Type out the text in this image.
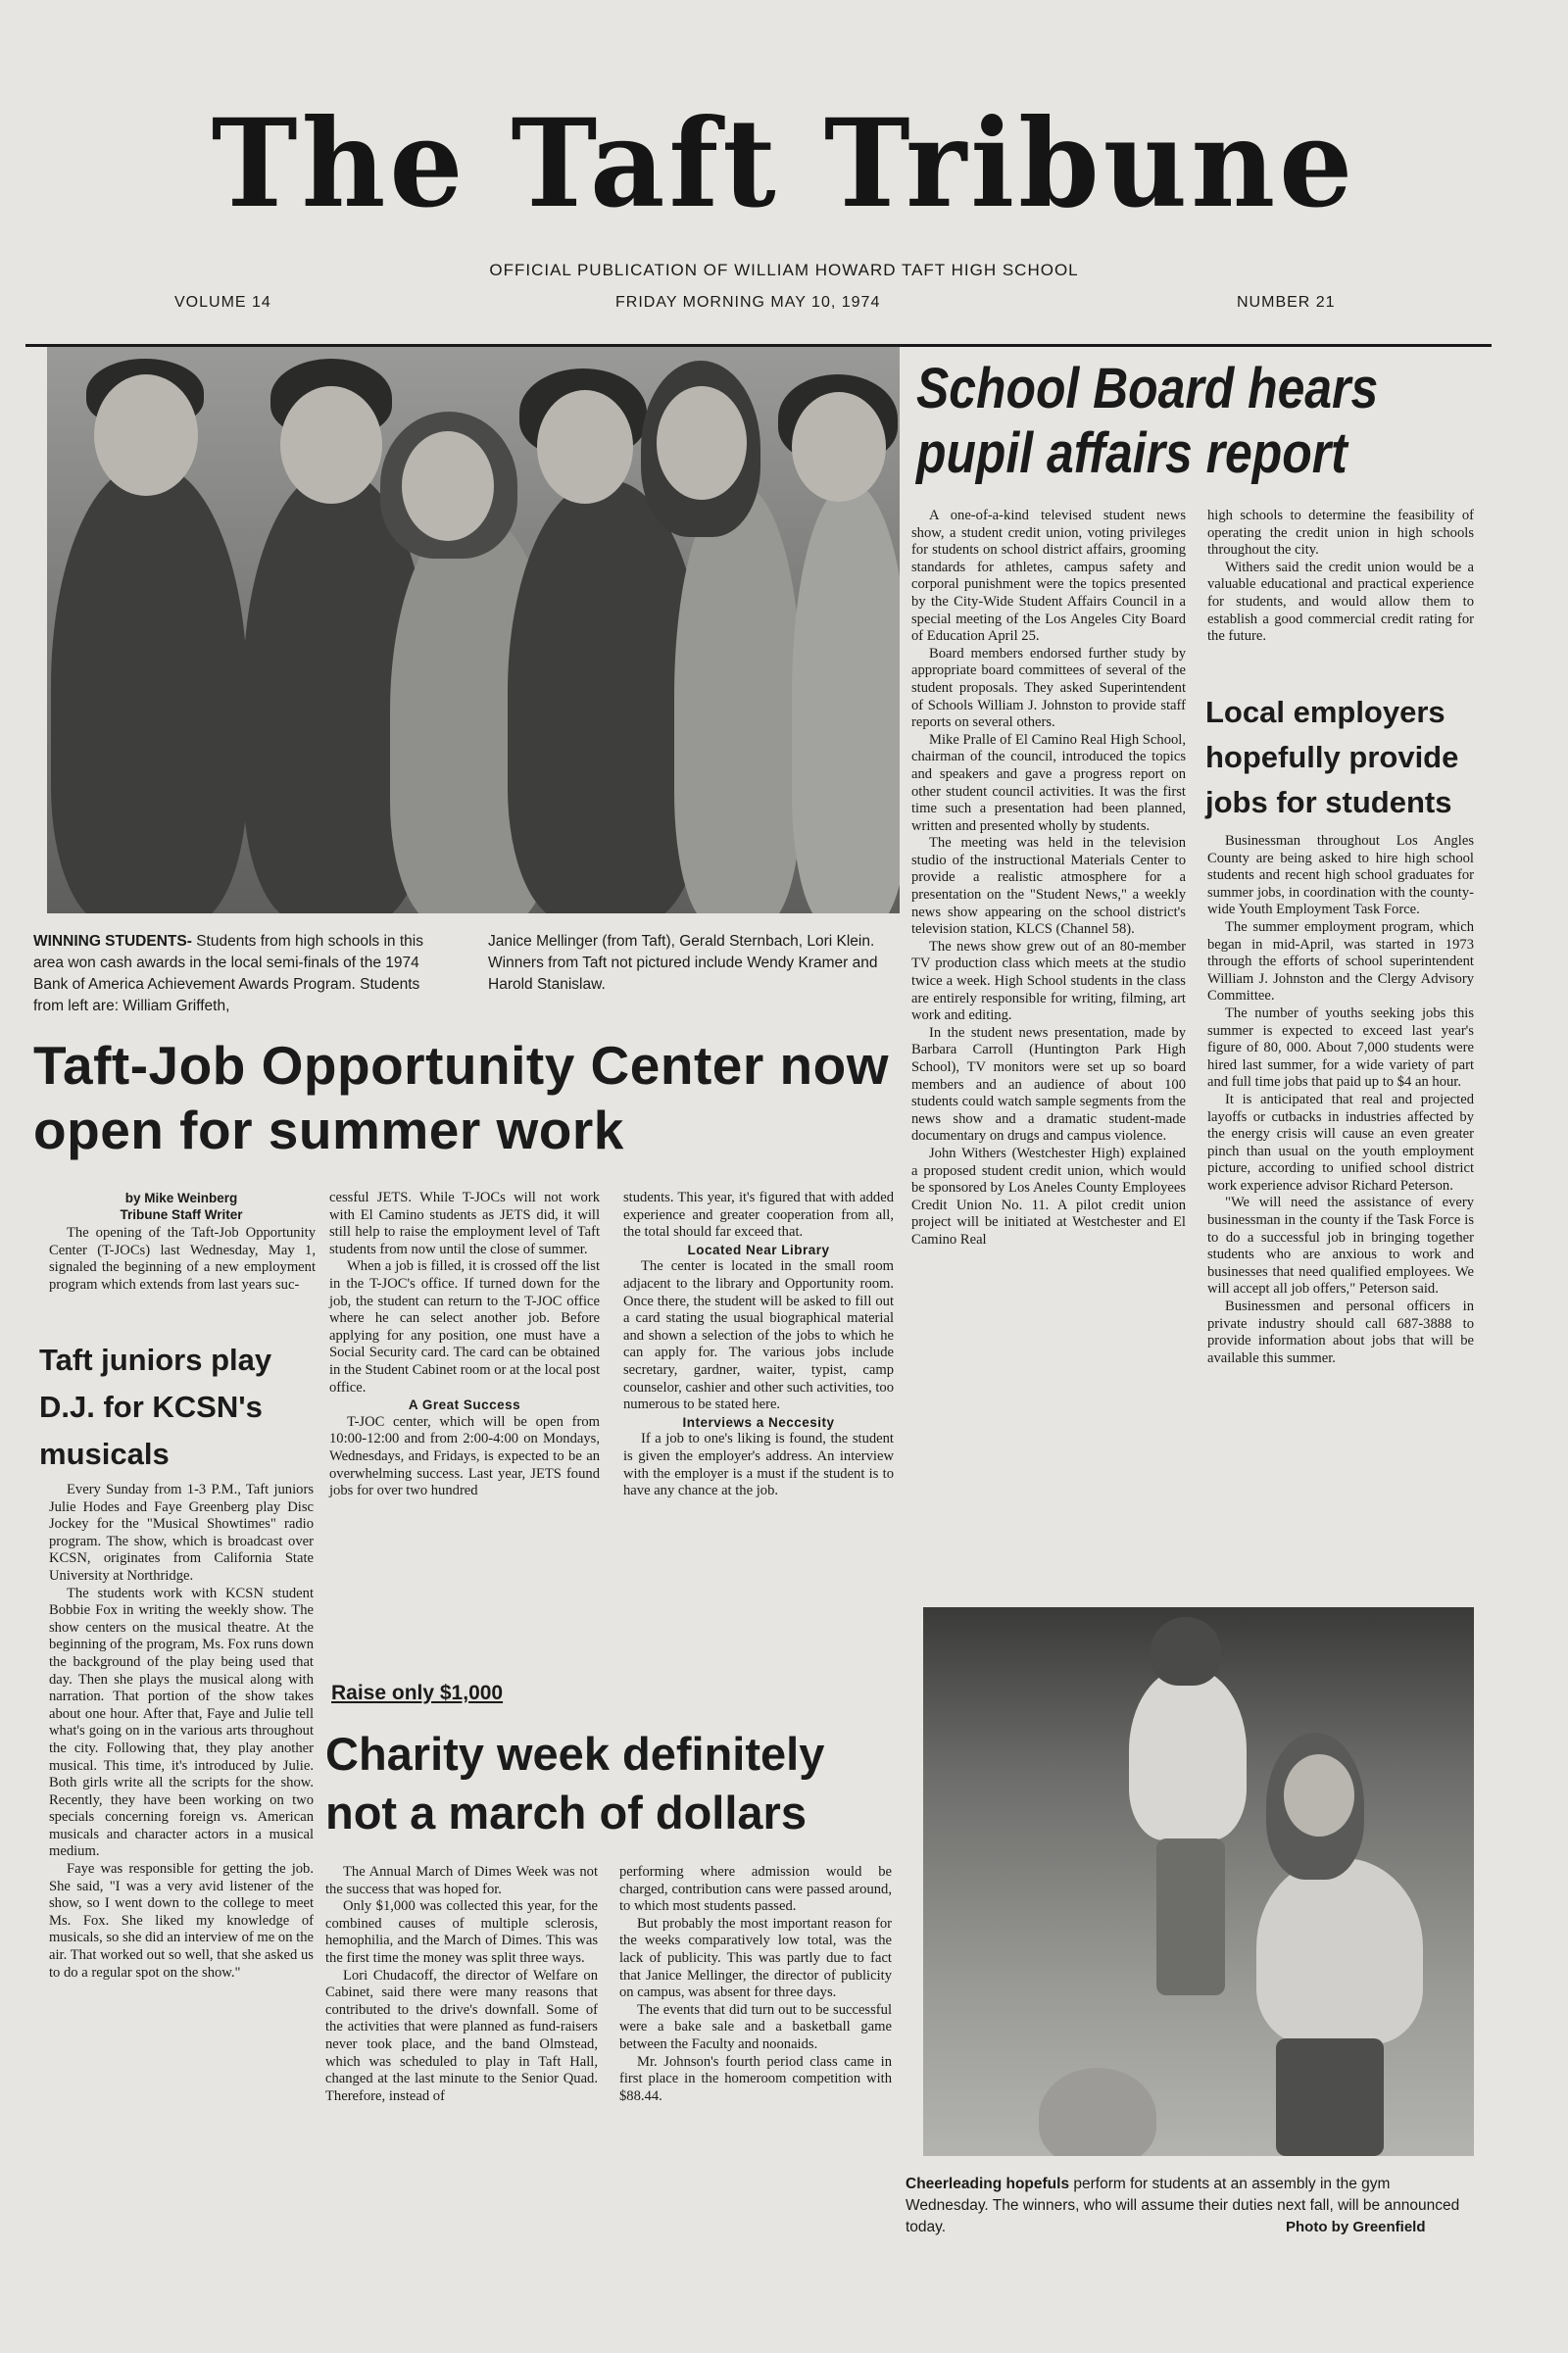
The Taft Tribune
OFFICIAL PUBLICATION OF WILLIAM HOWARD TAFT HIGH SCHOOL
VOLUME 14	FRIDAY MORNING MAY 10, 1974	NUMBER 21
WINNING STUDENTS- Students from high schools in this area won cash awards in the local semi-finals of the 1974 Bank of America Achievement Awards Program. Students from left are: William Griffeth,
Janice Mellinger (from Taft), Gerald Sternbach, Lori Klein. Winners from Taft not pictured include Wendy Kramer and Harold Stanislaw.
School Board hears pupil affairs report

A one-of-a-kind televised student news show, a student credit union, voting privileges for students on school district affairs, grooming standards for athletes, campus safety and corporal punishment were the topics presented by the City-Wide Student Affairs Council in a special meeting of the Los Angeles City Board of Education April 25.

Board members endorsed further study by appropriate board committees of several of the student proposals. They asked Superintendent of Schools William J. Johnston to provide staff reports on several others.

Mike Pralle of El Camino Real High School, chairman of the council, introduced the topics and speakers and gave a progress report on other student council activities. It was the first time such a presentation had been planned, written and presented wholly by students.

The meeting was held in the television studio of the instructional Materials Center to provide a realistic atmosphere for a presentation on the "Student News," a weekly news show appearing on the school district's television station, KLCS (Channel 58).

The news show grew out of an 80-member TV production class which meets at the studio twice a week. High School students in the class are entirely responsible for writing, filming, art work and editing.

In the student news presentation, made by Barbara Carroll (Huntington Park High School), TV monitors were set up so board members and an audience of about 100 students could watch sample segments from the news show and a dramatic student-made documentary on drugs and campus violence.

John Withers (Westchester High) explained a proposed student credit union, which would be sponsored by Los Aneles County Employees Credit Union No. 11. A pilot credit union project will be initiated at Westchester and El Camino Real

high schools to determine the feasibility of operating the credit union in high schools throughout the city.

Withers said the credit union would be a valuable educational and practical experience for students, and would allow them to establish a good commercial credit rating for the future.

Local employers hopefully provide jobs for students

Businessman throughout Los Angles County are being asked to hire high school students and recent high school graduates for summer jobs, in coordination with the county-wide Youth Employment Task Force.

The summer employment program, which began in mid-April, was started in 1973 through the efforts of school superintendent William J. Johnston and the Clergy Advisory Committee.

The number of youths seeking jobs this summer is expected to exceed last year's figure of 80, 000. About 7,000 students were hired last summer, for a wide variety of part and full time jobs that paid up to $4 an hour.

It is anticipated that real and projected layoffs or cutbacks in industries affected by the energy crisis will cause an even greater pinch than usual on the youth employment picture, according to unified school district work experience advisor Richard Peterson.

"We will need the assistance of every businessman in the county if the Task Force is to do a successful job in bringing together students who are anxious to work and businesses that need qualified employees. We will accept all job offers," Peterson said.

Businessmen and personal officers in private industry should call 687-3888 to provide information about jobs that will be available this summer.

Taft-Job Opportunity Center now open for summer work
by Mike Weinberg
Tribune Staff Writer

The opening of the Taft-Job Opportunity Center (T-JOCs) last Wednesday, May 1, signaled the beginning of a new employment program which extends from last years suc-

cessful JETS. While T-JOCs will not work with El Camino students as JETS did, it will still help to raise the employment level of Taft students from now until the close of summer.

When a job is filled, it is crossed off the list in the T-JOC's office. If turned down for the job, the student can return to the T-JOC office where he can select another job. Before applying for any position, one must have a Social Security card. The card can be obtained in the Student Cabinet room or at the local post office.

A Great Success

T-JOC center, which will be open from 10:00-12:00 and from 2:00-4:00 on Mondays, Wednesdays, and Fridays, is expected to be an overwhelming success. Last year, JETS found jobs for over two hundred

students. This year, it's figured that with added experience and greater cooperation from all, the total should far exceed that.

Located Near Library

The center is located in the small room adjacent to the library and Opportunity room. Once there, the student will be asked to fill out a card stating the usual biographical material and shown a selection of the jobs to which he can apply for. The various jobs include secretary, gardner, waiter, typist, camp counselor, cashier and other such activities, too numerous to be stated here.

Interviews a Neccesity

If a job to one's liking is found, the student is given the employer's address. An interview with the employer is a must if the student is to have any chance at the job.

Taft juniors play D.J. for KCSN's musicals

Every Sunday from 1-3 P.M., Taft juniors Julie Hodes and Faye Greenberg play Disc Jockey for the "Musical Showtimes" radio program. The show, which is broadcast over KCSN, originates from California State University at Northridge.

The students work with KCSN student Bobbie Fox in writing the weekly show. The show centers on the musical theatre. At the beginning of the program, Ms. Fox runs down the background of the play being used that day. Then she plays the musical along with narration. That portion of the show takes about one hour. After that, Faye and Julie tell what's going on in the various arts throughout the city. Following that, they play another musical. This time, it's introduced by Julie. Both girls write all the scripts for the show. Recently, they have been working on two specials concerning foreign vs. American musicals and character actors in a musical medium.

Faye was responsible for getting the job. She said, "I was a very avid listener of the show, so I went down to the college to meet Ms. Fox. She liked my knowledge of musicals, so she did an interview of me on the air. That worked out so well, that she asked us to do a regular spot on the show."

Raise only $1,000
Charity week definitely not a march of dollars

The Annual March of Dimes Week was not the success that was hoped for.

Only $1,000 was collected this year, for the combined causes of multiple sclerosis, hemophilia, and the March of Dimes. This was the first time the money was split three ways.

Lori Chudacoff, the director of Welfare on Cabinet, said there were many reasons that contributed to the drive's downfall. Some of the activities that were planned as fund-raisers never took place, and the band Olmstead, which was scheduled to play in Taft Hall, changed at the last minute to the Senior Quad. Therefore, instead of

performing where admission would be charged, contribution cans were passed around, to which most students passed.

But probably the most important reason for the weeks comparatively low total, was the lack of publicity. This was partly due to fact that Janice Mellinger, the director of publicity on campus, was absent for three days.

The events that did turn out to be successful were a bake sale and a basketball game between the Faculty and noonaids.

Mr. Johnson's fourth period class came in first place in the homeroom competition with $88.44.

Cheerleading hopefuls perform for students at an assembly in the gym Wednesday. The winners, who will assume their duties next fall, will be announced today.	Photo by Greenfield
